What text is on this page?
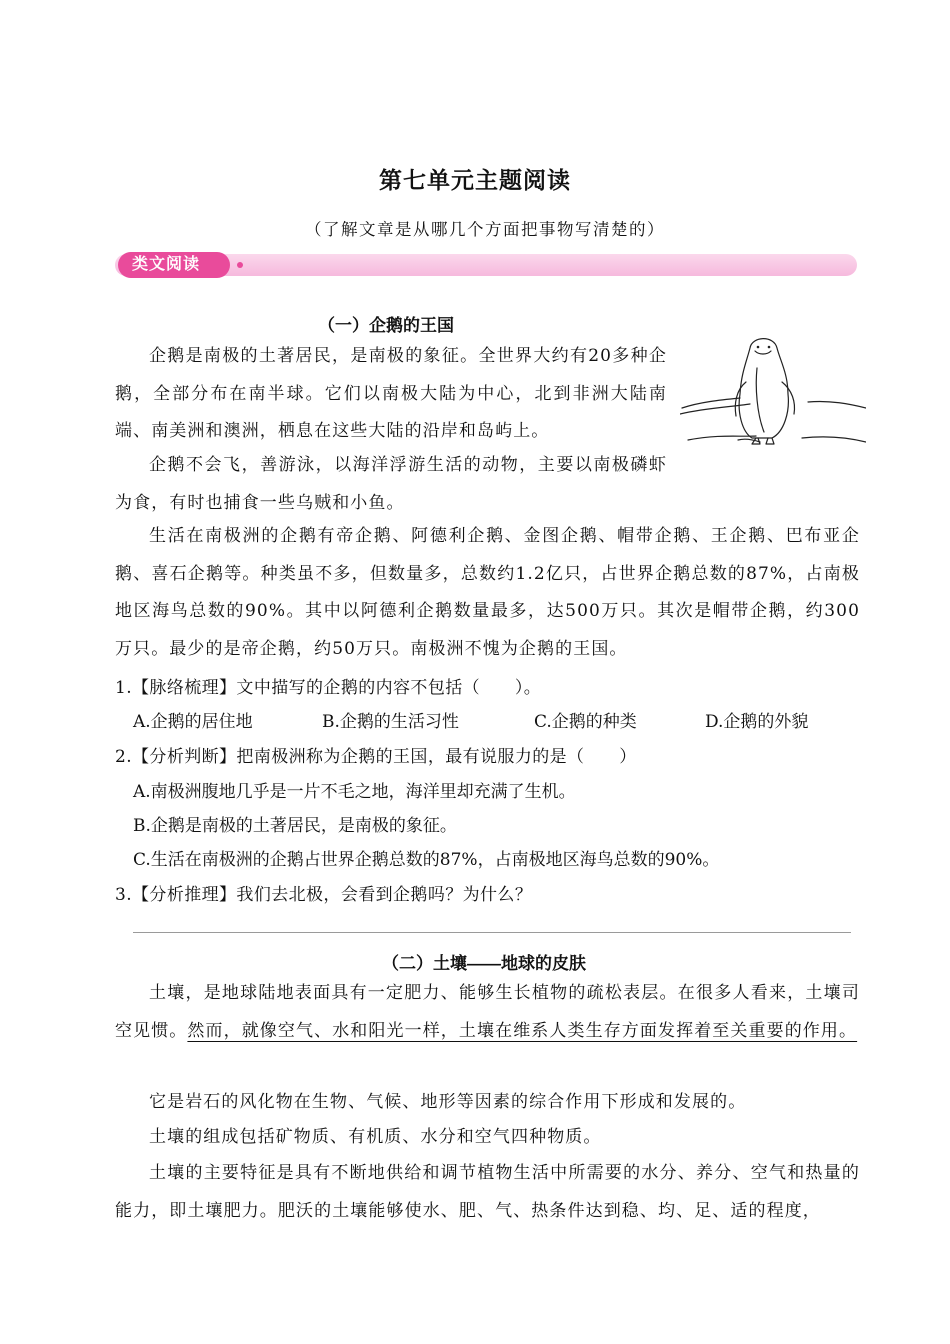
第七单元主题阅读
（了解文章是从哪几个方面把事物写清楚的）
类文阅读
（一）企鹅的王国

企鹅是南极的土著居民，是南极的象征。全世界大约有20多种企鹅，全部分布在南半球。它们以南极大陆为中心，北到非洲大陆南端、南美洲和澳洲，栖息在这些大陆的沿岸和岛屿上。

企鹅不会飞，善游泳，以海洋浮游生活的动物，主要以南极磷虾为食，有时也捕食一些乌贼和小鱼。

生活在南极洲的企鹅有帝企鹅、阿德利企鹅、金图企鹅、帽带企鹅、王企鹅、巴布亚企鹅、喜石企鹅等。种类虽不多，但数量多，总数约1.2亿只，占世界企鹅总数的87%，占南极地区海鸟总数的90%。其中以阿德利企鹅数量最多，达500万只。其次是帽带企鹅，约300万只。最少的是帝企鹅，约50万只。南极洲不愧为企鹅的王国。

1.【脉络梳理】文中描写的企鹅的内容不包括（　　）。
A.企鹅的居住地	B.企鹅的生活习性	C.企鹅的种类	D.企鹅的外貌
2.【分析判断】把南极洲称为企鹅的王国，最有说服力的是（　　）
A.南极洲腹地几乎是一片不毛之地，海洋里却充满了生机。
B.企鹅是南极的土著居民，是南极的象征。
C.生活在南极洲的企鹅占世界企鹅总数的87%，占南极地区海鸟总数的90%。
3.【分析推理】我们去北极，会看到企鹅吗？为什么？
（二）土壤——地球的皮肤

土壤，是地球陆地表面具有一定肥力、能够生长植物的疏松表层。在很多人看来，土壤司空见惯。然而，就像空气、水和阳光一样，土壤在维系人类生存方面发挥着至关重要的作用。

它是岩石的风化物在生物、气候、地形等因素的综合作用下形成和发展的。

土壤的组成包括矿物质、有机质、水分和空气四种物质。

土壤的主要特征是具有不断地供给和调节植物生活中所需要的水分、养分、空气和热量的能力，即土壤肥力。肥沃的土壤能够使水、肥、气、热条件达到稳、均、足、适的程度，
